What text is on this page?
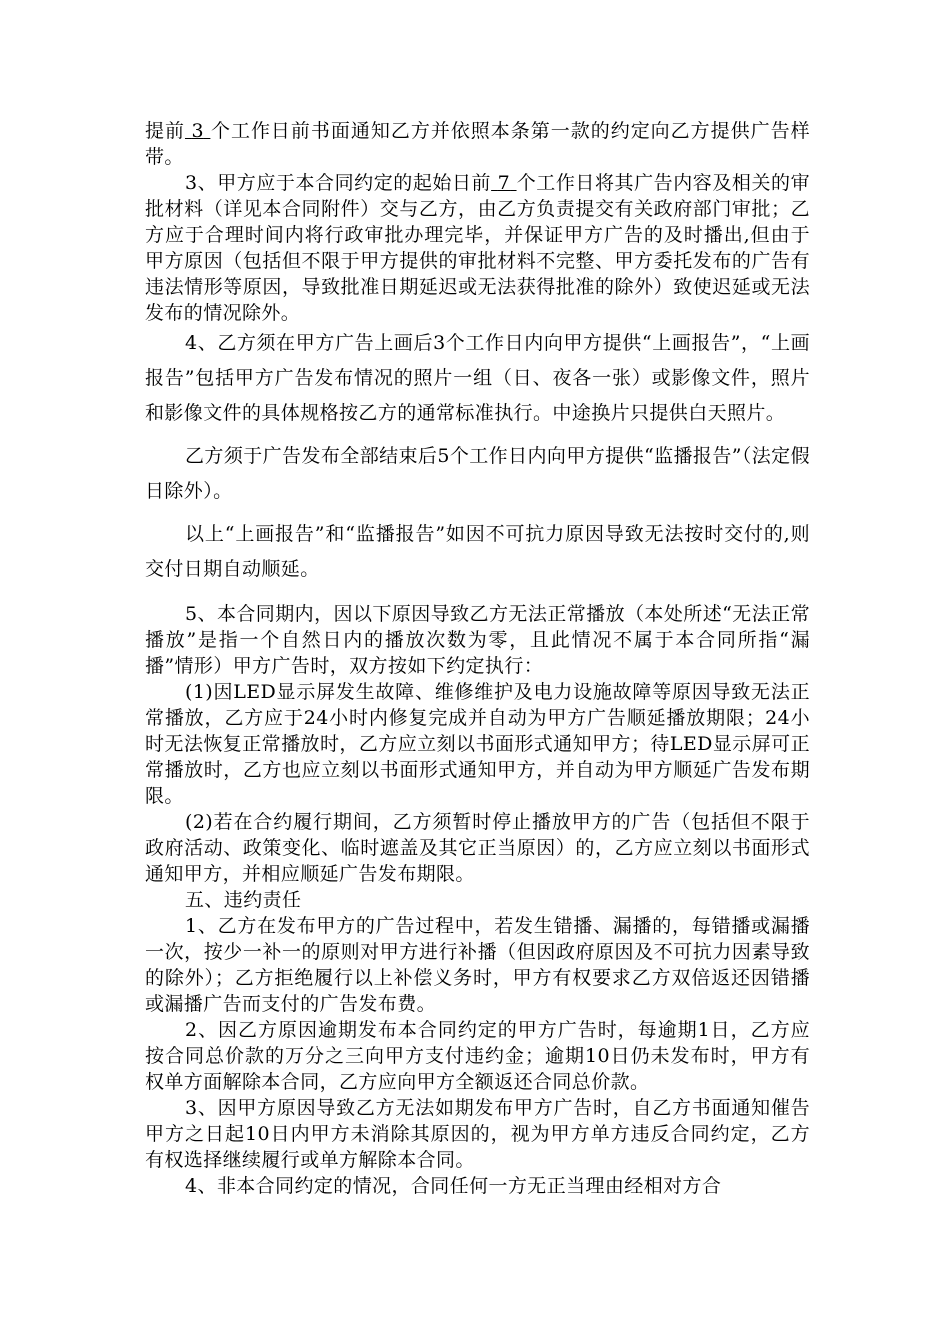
提前 3 个工作日前书面通知乙方并依照本条第一款的约定向乙方提供广告样带。

3、甲方应于本合同约定的起始日前 7 个工作日将其广告内容及相关的审批材料（详见本合同附件）交与乙方，由乙方负责提交有关政府部门审批；乙方应于合理时间内将行政审批办理完毕，并保证甲方广告的及时播出,但由于甲方原因（包括但不限于甲方提供的审批材料不完整、甲方委托发布的广告有违法情形等原因，导致批准日期延迟或无法获得批准的除外）致使迟延或无法发布的情况除外。

4、乙方须在甲方广告上画后3个工作日内向甲方提供“上画报告”，“上画报告”包括甲方广告发布情况的照片一组（日、夜各一张）或影像文件，照片和影像文件的具体规格按乙方的通常标准执行。中途换片只提供白天照片。

乙方须于广告发布全部结束后5个工作日内向甲方提供“监播报告”（法定假日除外）。

以上“上画报告”和“监播报告”如因不可抗力原因导致无法按时交付的,则交付日期自动顺延。

5、本合同期内，因以下原因导致乙方无法正常播放（本处所述“无法正常播放”是指一个自然日内的播放次数为零，且此情况不属于本合同所指“漏播”情形）甲方广告时，双方按如下约定执行：

(1)因LED显示屏发生故障、维修维护及电力设施故障等原因导致无法正常播放，乙方应于24小时内修复完成并自动为甲方广告顺延播放期限；24小时无法恢复正常播放时，乙方应立刻以书面形式通知甲方；待LED显示屏可正常播放时，乙方也应立刻以书面形式通知甲方，并自动为甲方顺延广告发布期限。

(2)若在合约履行期间，乙方须暂时停止播放甲方的广告（包括但不限于政府活动、政策变化、临时遮盖及其它正当原因）的，乙方应立刻以书面形式通知甲方，并相应顺延广告发布期限。

五、违约责任

1、乙方在发布甲方的广告过程中，若发生错播、漏播的，每错播或漏播一次，按少一补一的原则对甲方进行补播（但因政府原因及不可抗力因素导致的除外）；乙方拒绝履行以上补偿义务时，甲方有权要求乙方双倍返还因错播或漏播广告而支付的广告发布费。

2、因乙方原因逾期发布本合同约定的甲方广告时，每逾期1日，乙方应按合同总价款的万分之三向甲方支付违约金；逾期10日仍未发布时，甲方有权单方面解除本合同，乙方应向甲方全额返还合同总价款。

3、因甲方原因导致乙方无法如期发布甲方广告时，自乙方书面通知催告甲方之日起10日内甲方未消除其原因的，视为甲方单方违反合同约定，乙方有权选择继续履行或单方解除本合同。

4、非本合同约定的情况，合同任何一方无正当理由经相对方合
